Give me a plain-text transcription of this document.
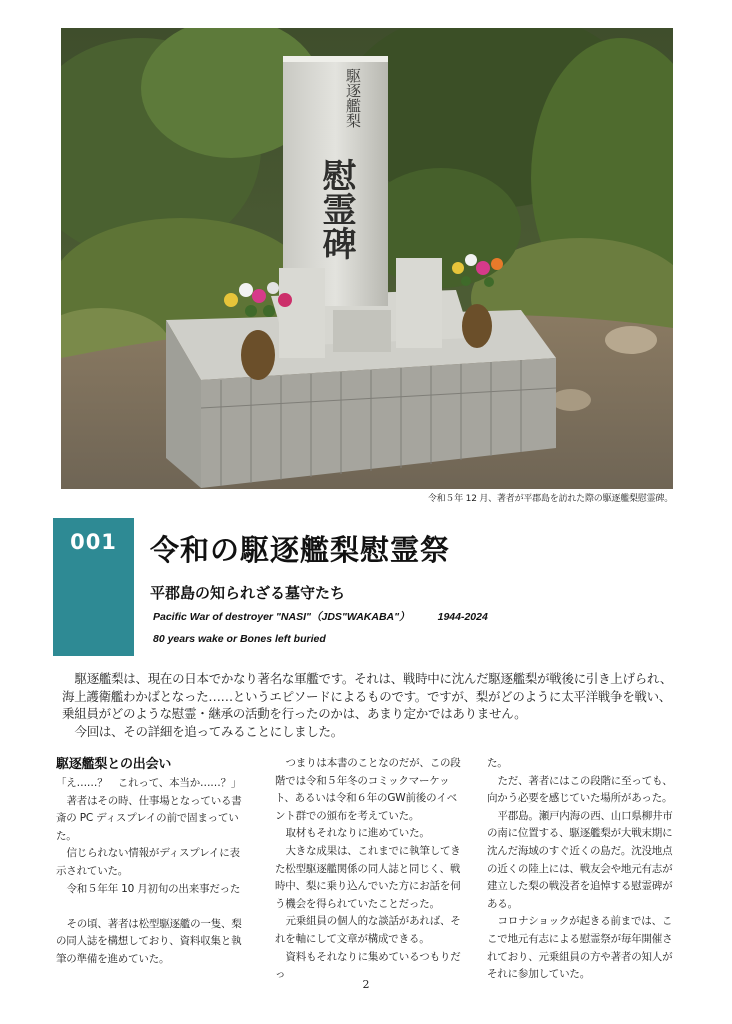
駆逐艦梨
慰霊碑
令和５年 12 月、著者が平郡島を訪れた際の駆逐艦梨慰霊碑。
001	令和の駆逐艦梨慰霊祭
平郡島の知られざる墓守たち
Pacific War of destroyer "NASI"（JDS"WAKABA"）	1944-2024
80 years wake or Bones left buried

駆逐艦梨は、現在の日本でかなり著名な軍艦です。それは、戦時中に沈んだ駆逐艦梨が戦後に引き上げられ、海上護衛艦わかばとなった……というエピソードによるものです。ですが、梨がどのように太平洋戦争を戦い、乗組員がどのような慰霊・継承の活動を行ったのかは、あまり定かではありません。

今回は、その詳細を追ってみることにしました。

駆逐艦梨との出会い

「え……？　これって、本当か……？」

著者はその時、仕事場となっている書斎の PC ディスプレイの前で固まっていた。

信じられない情報がディスプレイに表示されていた。

令和５年年 10 月初旬の出来事だった

その頃、著者は松型駆逐艦の一隻、梨の同人誌を構想しており、資料収集と執筆の準備を進めていた。

つまりは本書のことなのだが、この段階では令和５年冬のコミックマーケット、あるいは令和６年のGW前後のイベント群での頒布を考えていた。

取材もそれなりに進めていた。

大きな成果は、これまでに執筆してきた松型駆逐艦関係の同人誌と同じく、戦時中、梨に乗り込んでいた方にお話を伺う機会を得られていたことだった。

元乗組員の個人的な談話があれば、それを軸にして文章が構成できる。

資料もそれなりに集めているつもりだっ

た。

ただ、著者にはこの段階に至っても、向かう必要を感じていた場所があった。

平郡島。瀬戸内海の西、山口県柳井市の南に位置する、駆逐艦梨が大戦末期に沈んだ海域のすぐ近くの島だ。沈没地点の近くの陸上には、戦友会や地元有志が建立した梨の戦没者を追悼する慰霊碑がある。

コロナショックが起きる前までは、ここで地元有志による慰霊祭が毎年開催されており、元乗組員の方や著者の知人がそれに参加していた。

2
